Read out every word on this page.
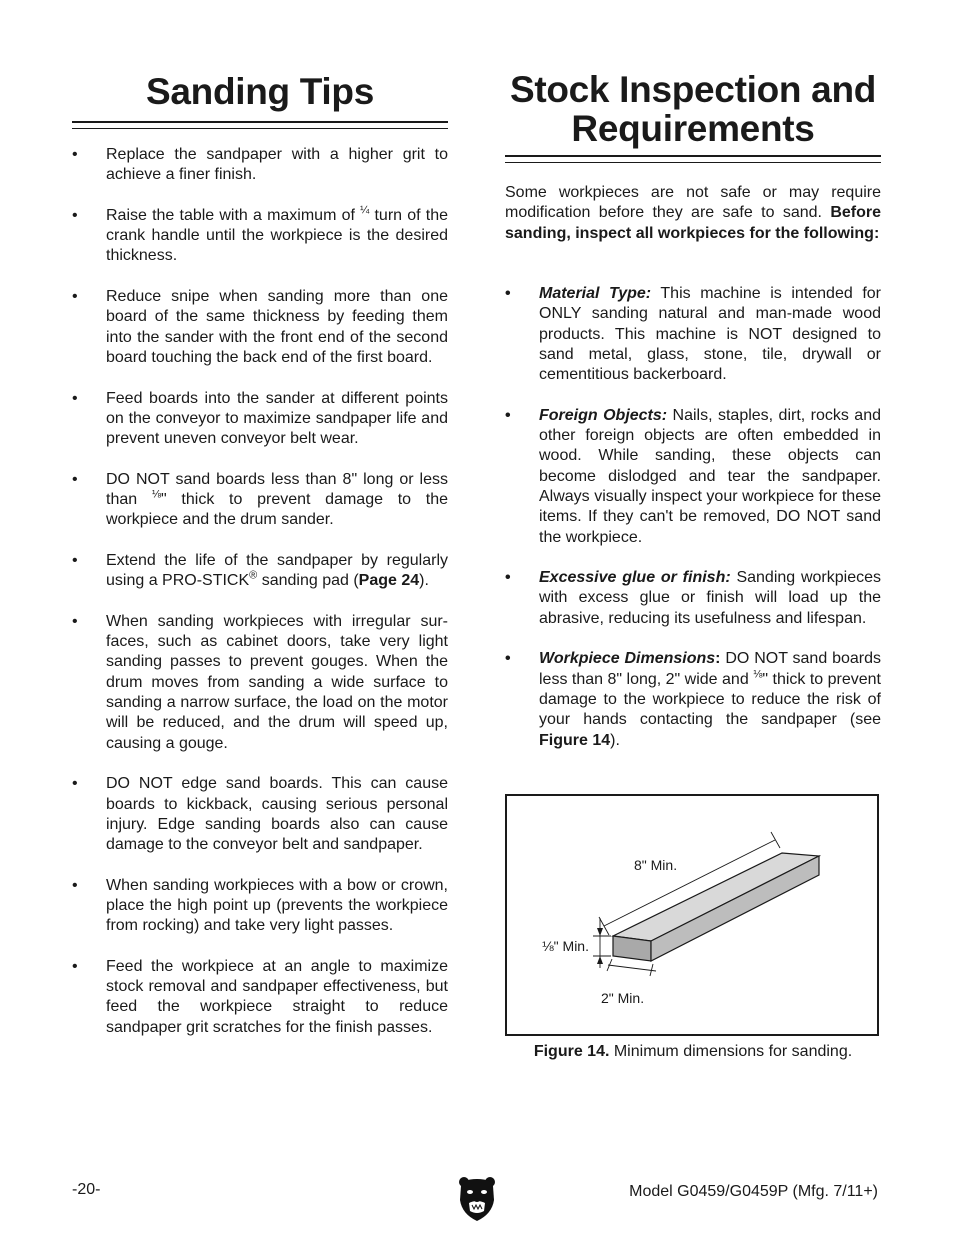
Sanding Tips
• Replace the sandpaper with a higher grit to achieve a finer finish.
• Raise the table with a maximum of $^{\frac{1}{4}}$ turn of the crank handle until the workpiece is the desired thickness.
• Reduce snipe when sanding more than one board of the same thickness by feeding them into the sander with the front end of the second board touching the back end of the first board.
• Feed boards into the sander at different points on the conveyor to maximize sandpaper life and prevent uneven conveyor belt wear.
• DO NOT sand boards less than 8" long or less than $^{\frac{1}{8}}$" thick to prevent damage to the workpiece and the drum sander.
• Extend the life of the sandpaper by regularly using a PRO-STICK® sanding pad (Page 24).
• When sanding workpieces with irregular surfaces, such as cabinet doors, take very light sanding passes to prevent gouges. When the drum moves from sanding a wide surface to sanding a narrow surface, the load on the motor will be reduced, and the drum will speed up, causing a gouge.
• DO NOT edge sand boards. This can cause boards to kickback, causing serious personal injury. Edge sanding boards also can cause damage to the conveyor belt and sandpaper.
• When sanding workpieces with a bow or crown, place the high point up (prevents the workpiece from rocking) and take very light passes.
• Feed the workpiece at an angle to maximize stock removal and sandpaper effectiveness, but feed the workpiece straight to reduce sandpaper grit scratches for the finish passes.
Stock Inspection and
Requirements

Some workpieces are not safe or may require modification before they are safe to sand. Before sanding, inspect all workpieces for the following:

• Material Type: This machine is intended for ONLY sanding natural and man-made wood products. This machine is NOT designed to sand metal, glass, stone, tile, drywall or cementitious backerboard.
• Foreign Objects: Nails, staples, dirt, rocks and other foreign objects are often embedded in wood. While sanding, these objects can become dislodged and tear the sandpaper. Always visually inspect your workpiece for these items. If they can't be removed, DO NOT sand the workpiece.
• Excessive glue or finish: Sanding workpieces with excess glue or finish will load up the abrasive, reducing its usefulness and lifespan.
• Workpiece Dimensions: DO NOT sand boards less than 8" long, 2" wide and $^{\frac{1}{8}}$" thick to prevent damage to the workpiece to reduce the risk of your hands contacting the sandpaper (see Figure 14).
8" Min.
⅛" Min.
2" Min.
Figure 14. Minimum dimensions for sanding.
-20-	Model G0459/G0459P (Mfg. 7/11+)
